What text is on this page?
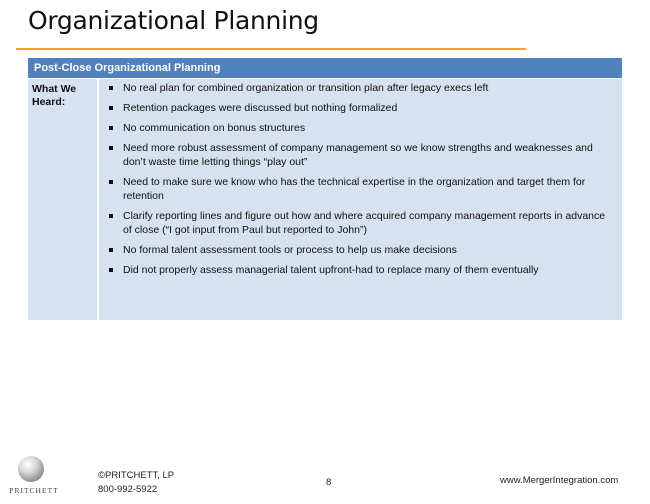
Organizational Planning
Post-Close Organizational Planning
What We Heard:
No real plan for combined organization or transition plan after legacy execs left
Retention packages were discussed but nothing formalized
No communication on bonus structures
Need more robust assessment of company management so we know strengths and weaknesses and don’t waste time letting things “play out”
Need to make sure we know who has the technical expertise in the organization and target them for retention
Clarify reporting lines and figure out how and where acquired company management reports in advance of close (“I got input from Paul but reported to John”)
No formal talent assessment tools or process to help us make decisions
Did not properly assess managerial talent upfront-had to replace many of them eventually
PRITCHETT
©PRITCHETT, LP
800-992-5922
8	www.MergerIntegration.com
